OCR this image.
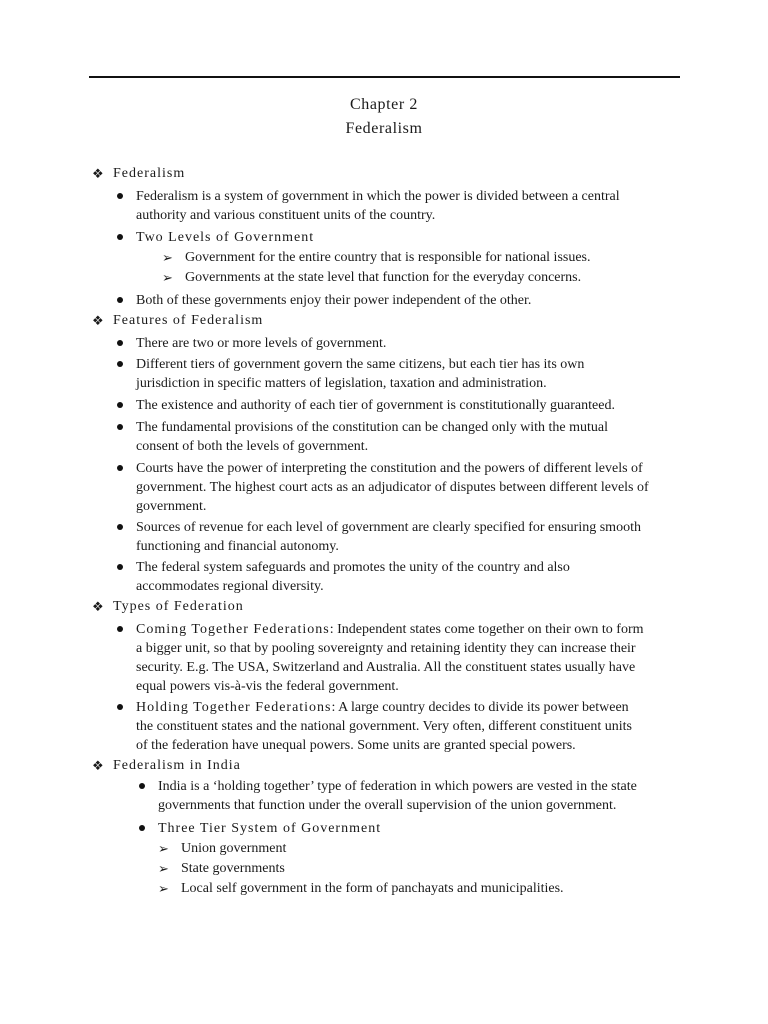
Chapter 2
Federalism
❖ Federalism
Federalism is a system of government in which the power is divided between a central
authority and various constituent units of the country.
Two Levels of Government
➢ Government for the entire country that is responsible for national issues.
➢ Governments at the state level that function for the everyday concerns.
Both of these governments enjoy their power independent of the other.
❖ Features of Federalism
There are two or more levels of government.
Different tiers of government govern the same citizens, but each tier has its own
jurisdiction in specific matters of legislation, taxation and administration.
The existence and authority of each tier of government is constitutionally guaranteed.
The fundamental provisions of the constitution can be changed only with the mutual
consent of both the levels of government.
Courts have the power of interpreting the constitution and the powers of different levels of
government. The highest court acts as an adjudicator of disputes between different levels of
government.
Sources of revenue for each level of government are clearly specified for ensuring smooth
functioning and financial autonomy.
The federal system safeguards and promotes the unity of the country and also
accommodates regional diversity.
❖ Types of Federation
Coming Together Federations: Independent states come together on their own to form
a bigger unit, so that by pooling sovereignty and retaining identity they can increase their
security. E.g. The USA, Switzerland and Australia. All the constituent states usually have
equal powers vis-à-vis the federal government.
Holding Together Federations: A large country decides to divide its power between
the constituent states and the national government. Very often, different constituent units
of the federation have unequal powers. Some units are granted special powers.
❖ Federalism in India
India is a ‘holding together’ type of federation in which powers are vested in the state
governments that function under the overall supervision of the union government.
Three Tier System of Government
➢ Union government
➢ State governments
➢ Local self government in the form of panchayats and municipalities.
